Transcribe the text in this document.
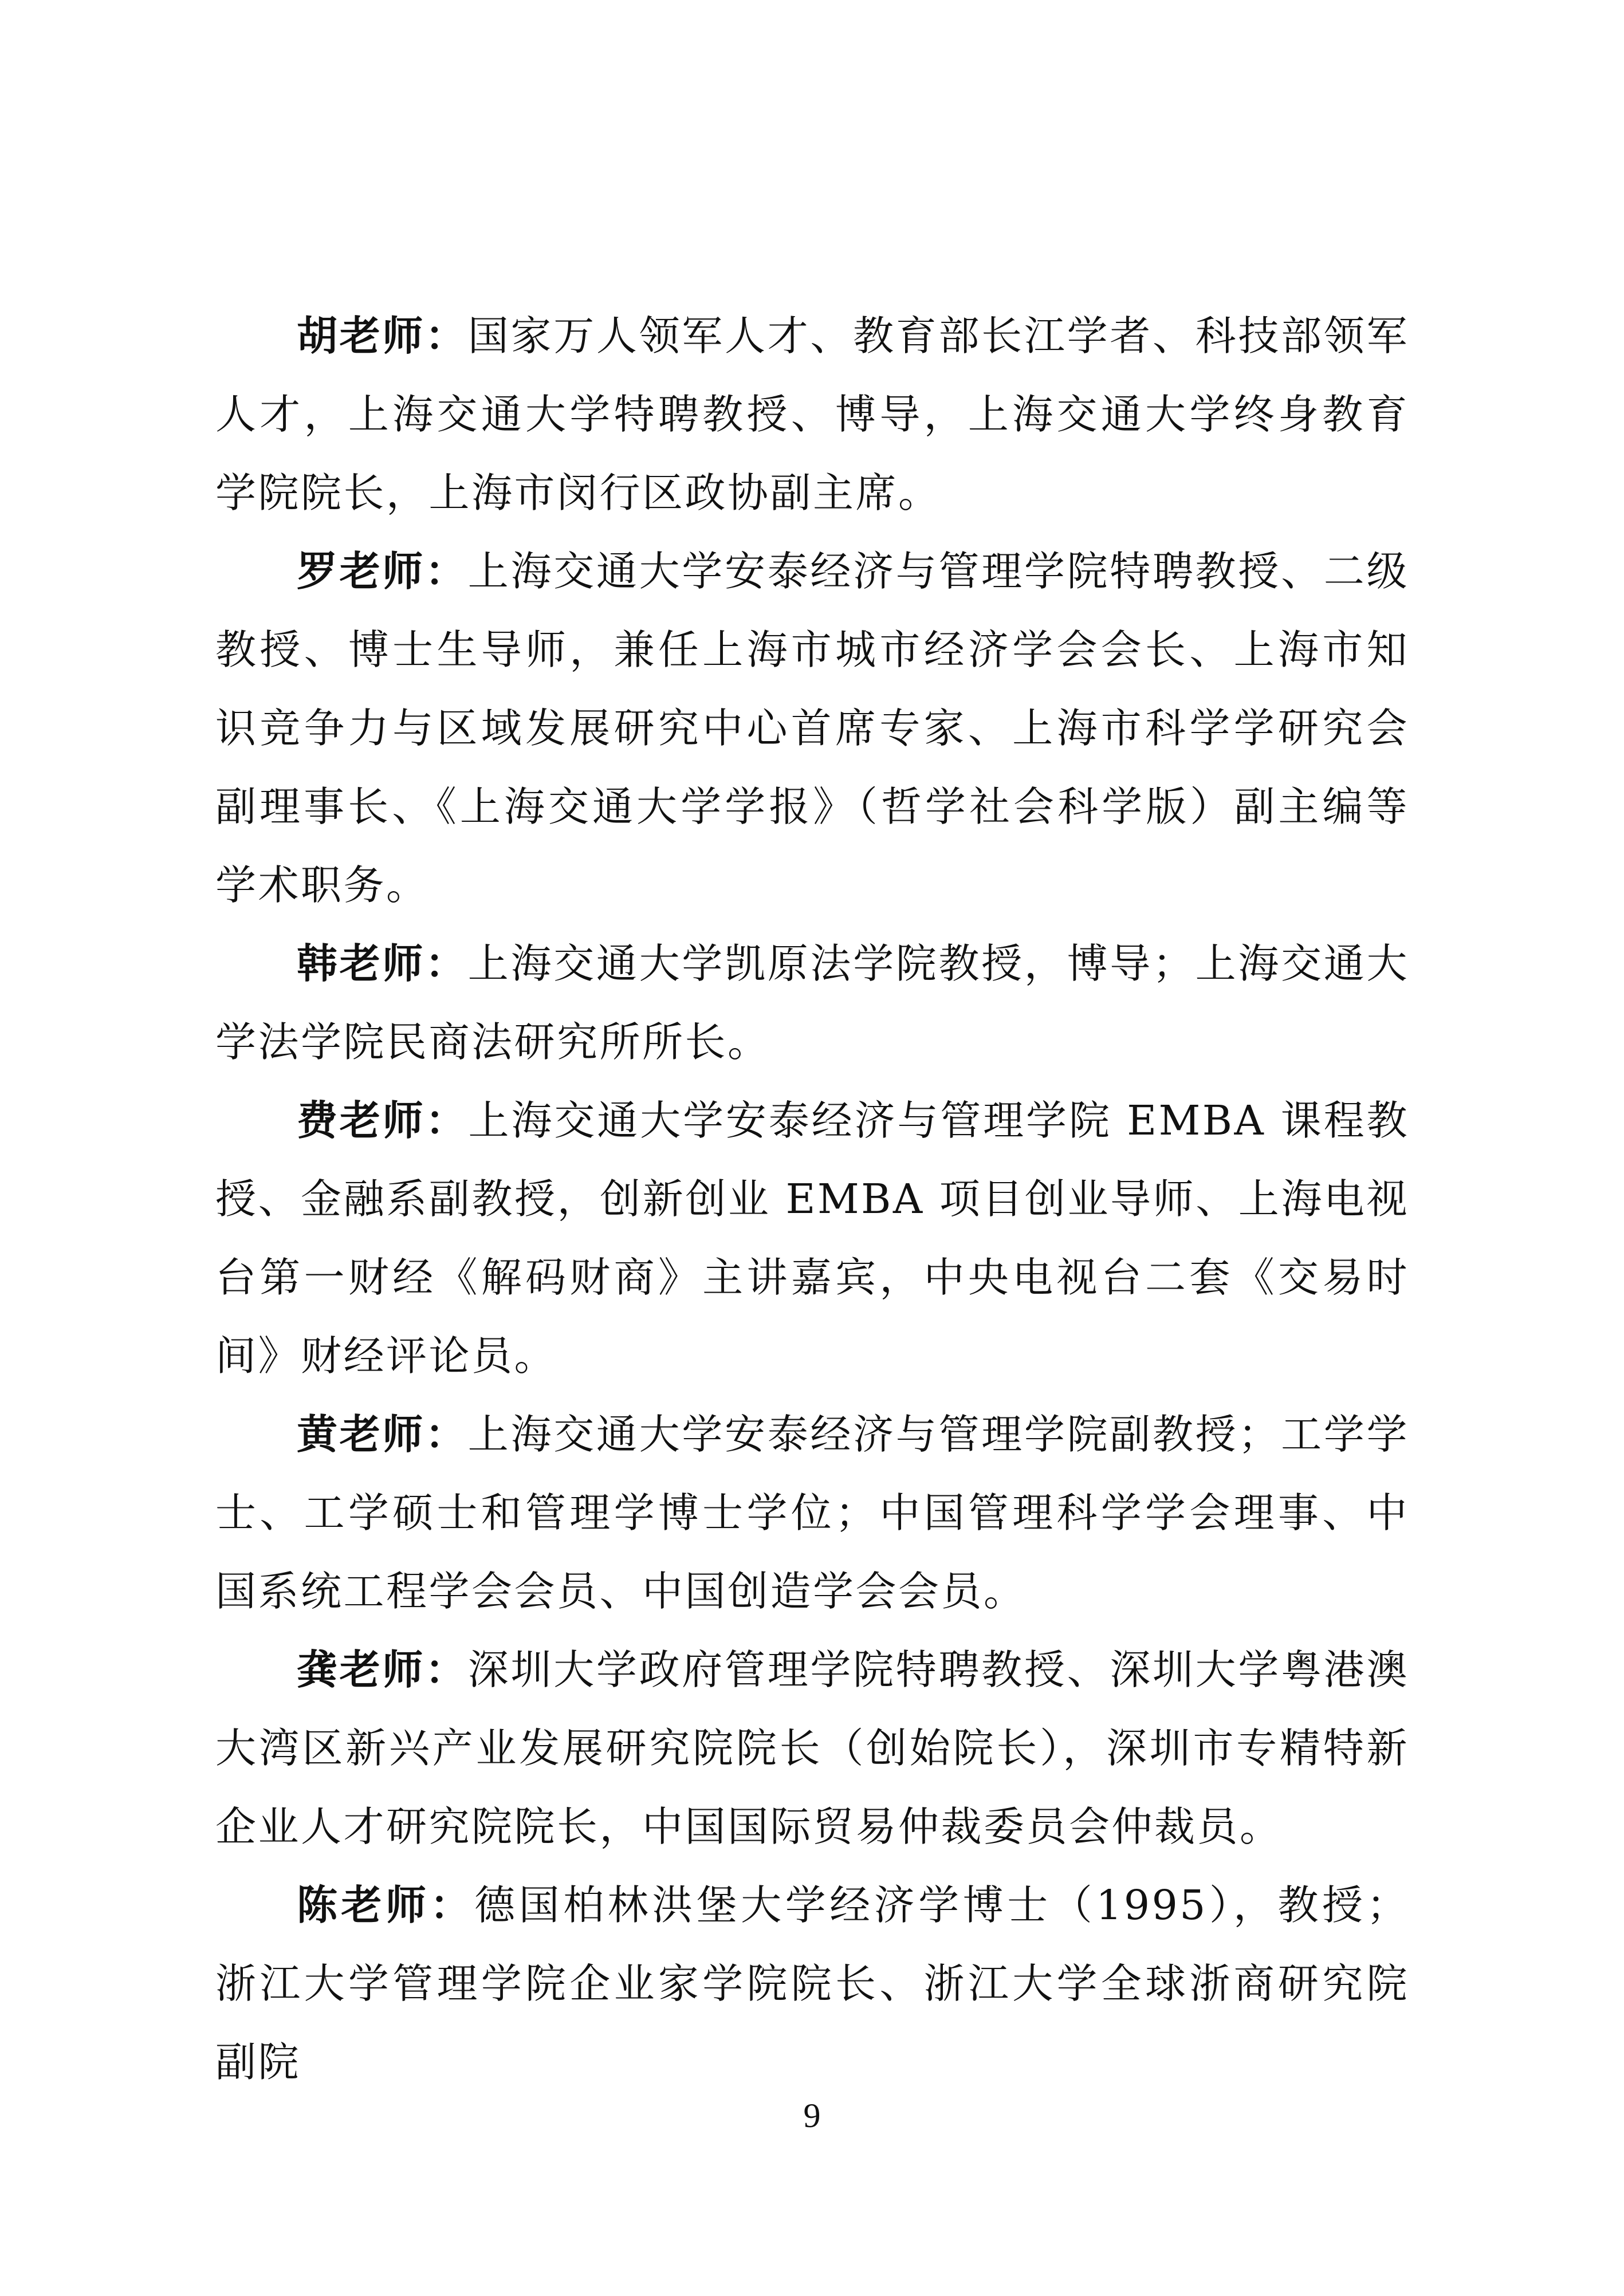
胡老师：国家万人领军人才、教育部长江学者、科技部领军人才，上海交通大学特聘教授、博导，上海交通大学终身教育学院院长，上海市闵行区政协副主席。

罗老师：上海交通大学安泰经济与管理学院特聘教授、二级教授、博士生导师，兼任上海市城市经济学会会长、上海市知识竞争力与区域发展研究中心首席专家、上海市科学学研究会副理事长、《上海交通大学学报》（哲学社会科学版）副主编等学术职务。

韩老师：上海交通大学凯原法学院教授，博导；上海交通大学法学院民商法研究所所长。

费老师：上海交通大学安泰经济与管理学院 EMBA 课程教授、金融系副教授，创新创业 EMBA 项目创业导师、上海电视台第一财经《解码财商》主讲嘉宾，中央电视台二套《交易时间》财经评论员。

黄老师：上海交通大学安泰经济与管理学院副教授；工学学士、工学硕士和管理学博士学位；中国管理科学学会理事、中国系统工程学会会员、中国创造学会会员。

龚老师：深圳大学政府管理学院特聘教授、深圳大学粤港澳大湾区新兴产业发展研究院院长（创始院长），深圳市专精特新企业人才研究院院长，中国国际贸易仲裁委员会仲裁员。

陈老师：德国柏林洪堡大学经济学博士（1995），教授；浙江大学管理学院企业家学院院长、浙江大学全球浙商研究院副院

9
